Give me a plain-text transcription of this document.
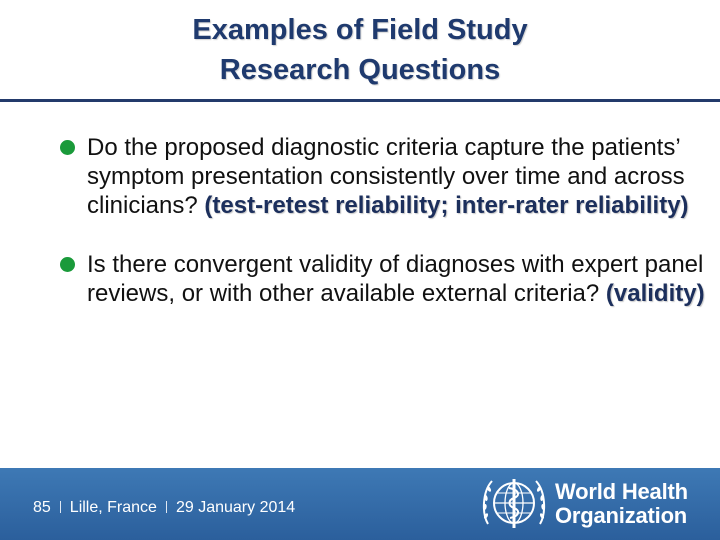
Examples of Field Study
Research Questions
Do the proposed diagnostic criteria capture the patients’ symptom presentation consistently over time and across clinicians? (test-retest reliability; inter-rater reliability)
Is there convergent validity of diagnoses with expert panel reviews, or with other available external criteria? (validity)
85 Lille, France 29 January 2014
World Health
Organization
